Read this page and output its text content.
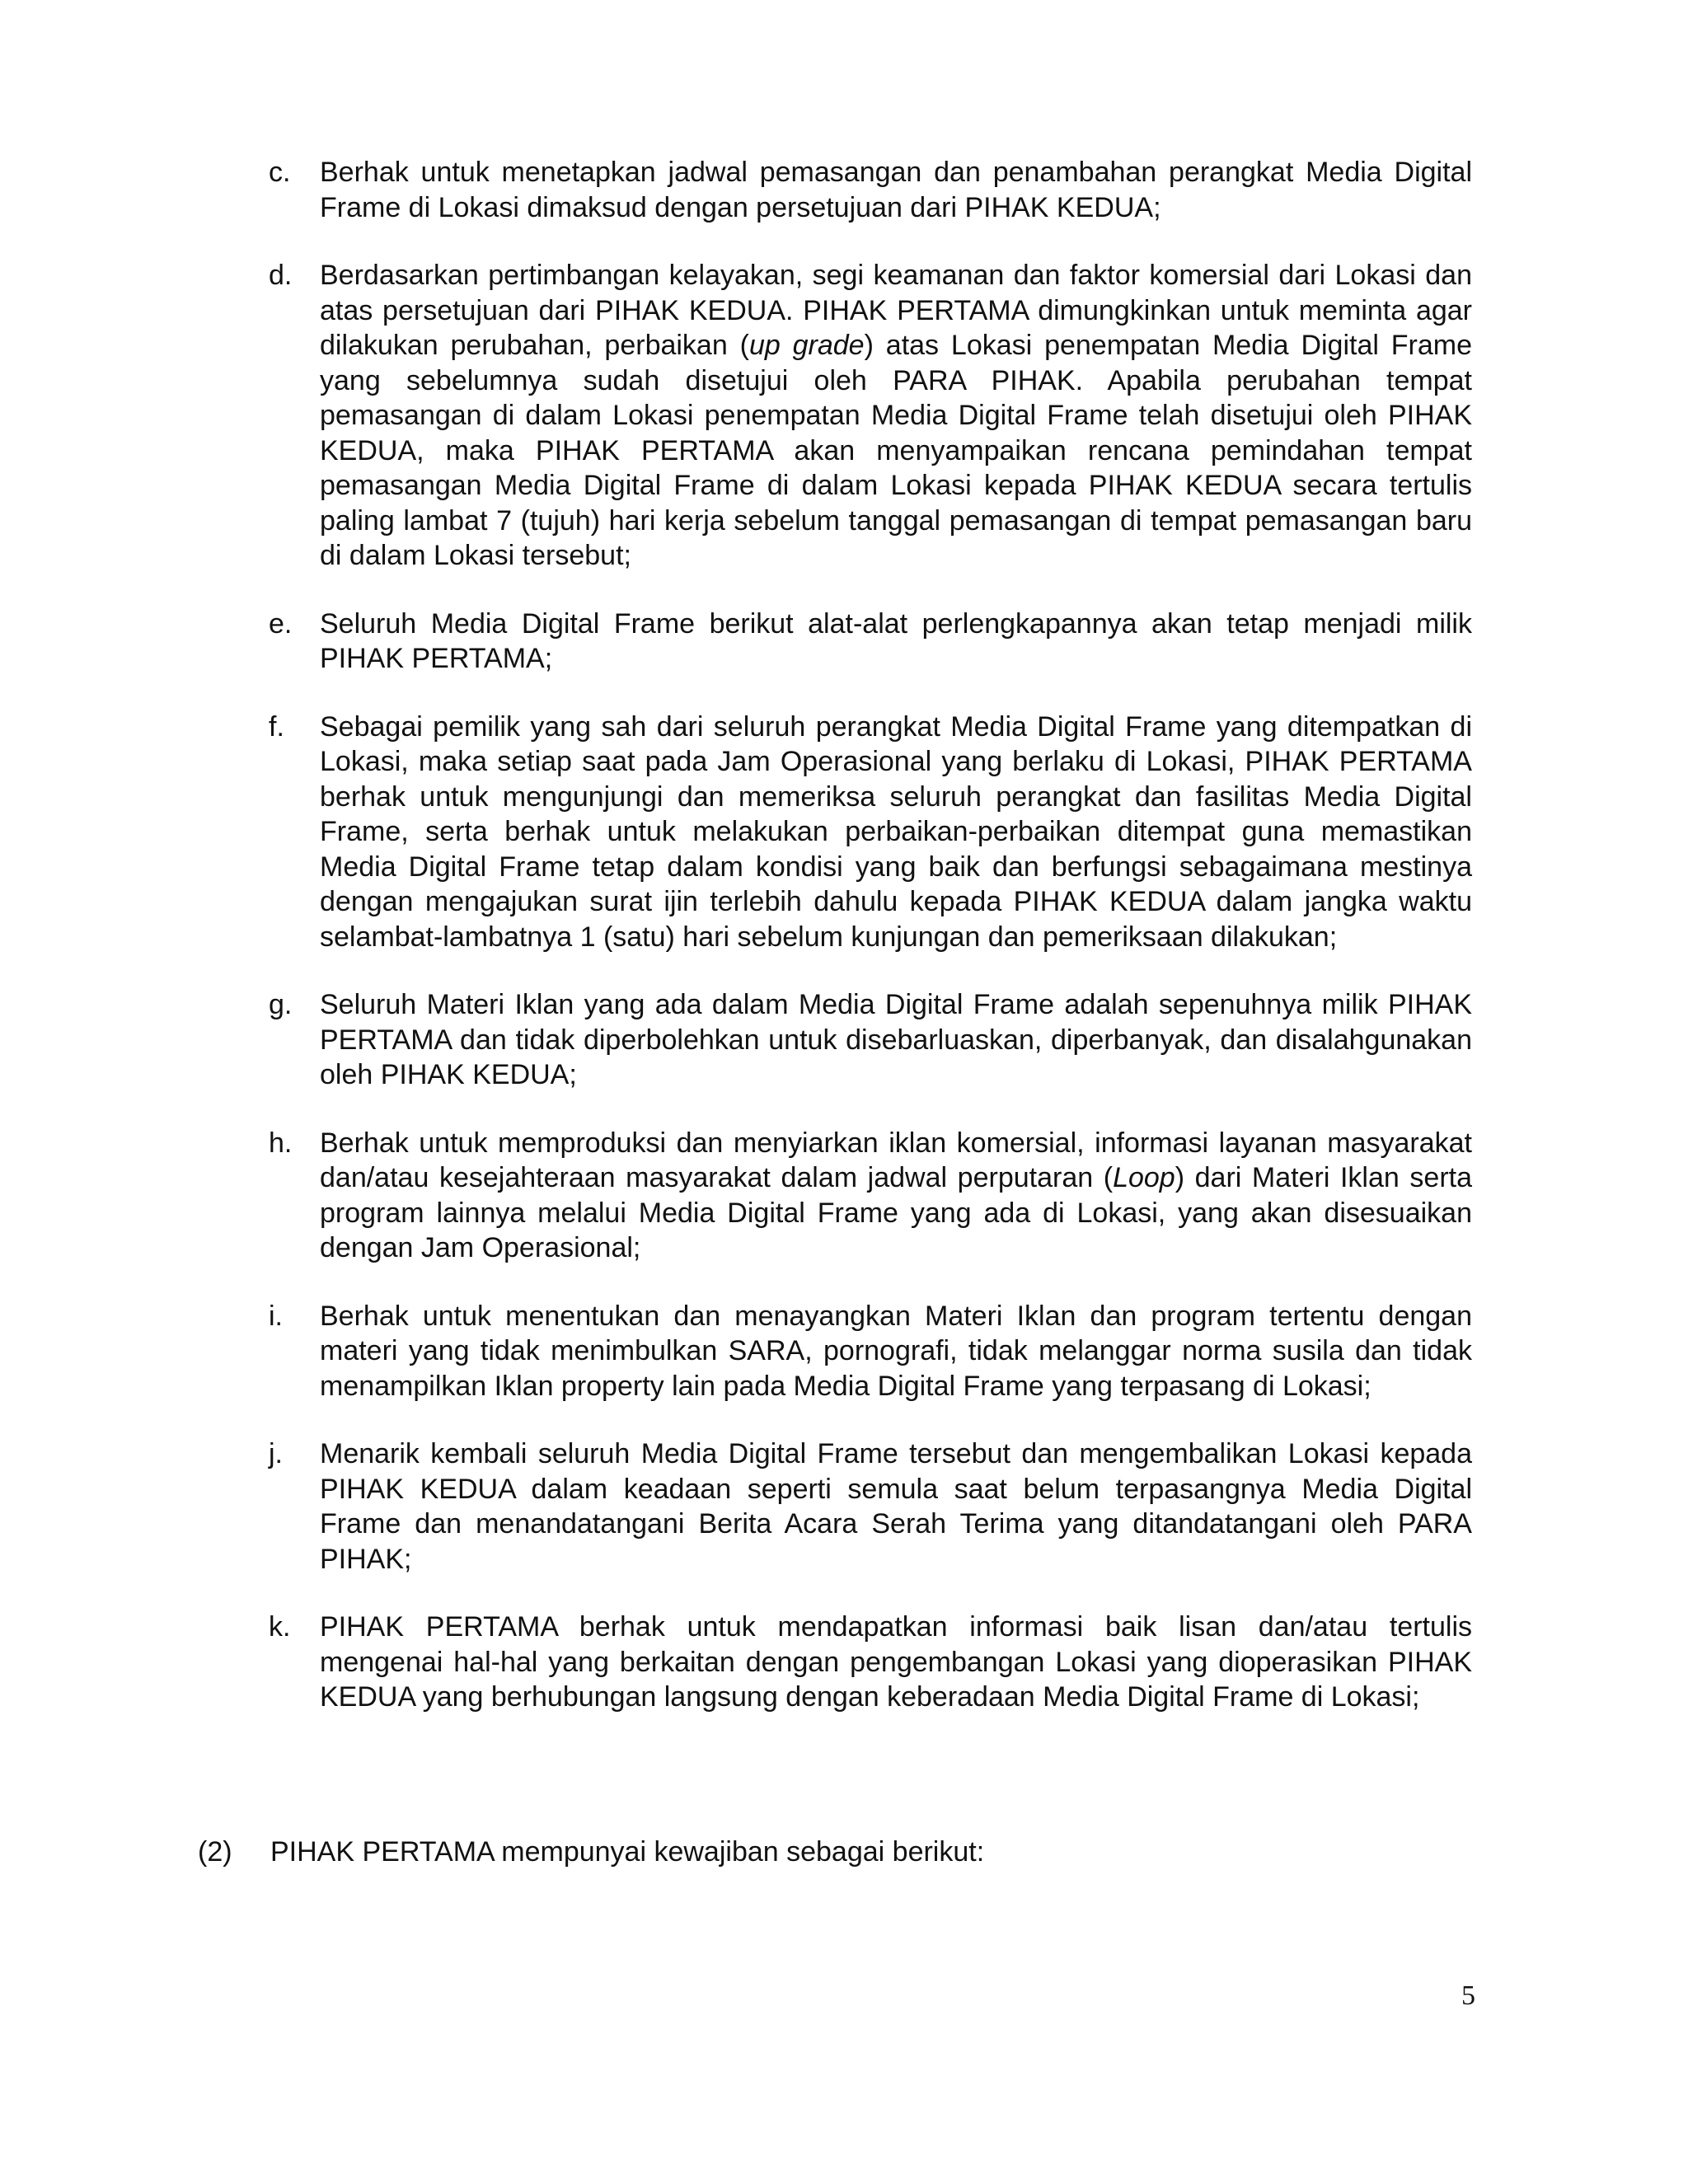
c.	Berhak untuk menetapkan jadwal pemasangan dan penambahan perangkat Media Digital Frame di Lokasi dimaksud dengan persetujuan dari PIHAK KEDUA;
d. Berdasarkan pertimbangan kelayakan, segi keamanan dan faktor komersial dari Lokasi dan atas persetujuan dari PIHAK KEDUA. PIHAK PERTAMA dimungkinkan untuk meminta agar dilakukan perubahan, perbaikan (up grade) atas Lokasi penempatan Media Digital Frame yang sebelumnya sudah disetujui oleh PARA PIHAK. Apabila perubahan tempat pemasangan di dalam Lokasi penempatan Media Digital Frame telah disetujui oleh PIHAK KEDUA, maka PIHAK PERTAMA akan menyampaikan rencana pemindahan tempat pemasangan Media Digital Frame di dalam Lokasi kepada PIHAK KEDUA secara tertulis paling lambat 7 (tujuh) hari kerja sebelum tanggal pemasangan di tempat pemasangan baru di dalam Lokasi tersebut;
e. Seluruh Media Digital Frame berikut alat-alat perlengkapannya akan tetap menjadi milik PIHAK PERTAMA;
f.	Sebagai pemilik yang sah dari seluruh perangkat Media Digital Frame yang ditempatkan di Lokasi, maka setiap saat pada Jam Operasional yang berlaku di Lokasi, PIHAK PERTAMA berhak untuk mengunjungi dan memeriksa seluruh perangkat dan fasilitas Media Digital Frame, serta berhak untuk melakukan perbaikan-perbaikan ditempat guna memastikan Media Digital Frame tetap dalam kondisi yang baik dan berfungsi sebagaimana mestinya dengan mengajukan surat ijin terlebih dahulu kepada PIHAK KEDUA dalam jangka waktu selambat-lambatnya 1 (satu) hari sebelum kunjungan dan pemeriksaan dilakukan;
g. Seluruh Materi Iklan yang ada dalam Media Digital Frame adalah sepenuhnya milik PIHAK PERTAMA dan tidak diperbolehkan untuk disebarluaskan, diperbanyak, dan disalahgunakan oleh PIHAK KEDUA;
h. Berhak untuk memproduksi dan menyiarkan iklan komersial, informasi layanan masyarakat dan/atau kesejahteraan masyarakat dalam jadwal perputaran (Loop) dari Materi Iklan serta program lainnya melalui Media Digital Frame yang ada di Lokasi, yang akan disesuaikan dengan Jam Operasional;
i.	Berhak untuk menentukan dan menayangkan Materi Iklan dan program tertentu dengan materi yang tidak menimbulkan SARA, pornografi, tidak melanggar norma susila dan tidak menampilkan Iklan property lain pada Media Digital Frame yang terpasang di Lokasi;
j.	Menarik kembali seluruh Media Digital Frame tersebut dan mengembalikan Lokasi kepada PIHAK KEDUA dalam keadaan seperti semula saat belum terpasangnya Media Digital Frame dan menandatangani Berita Acara Serah Terima yang ditandatangani oleh PARA PIHAK;
k.	PIHAK PERTAMA berhak untuk mendapatkan informasi baik lisan dan/atau tertulis mengenai hal-hal yang berkaitan dengan pengembangan Lokasi yang dioperasikan PIHAK KEDUA yang berhubungan langsung dengan keberadaan Media Digital Frame di Lokasi;
(2)	PIHAK PERTAMA mempunyai kewajiban sebagai berikut:
5
